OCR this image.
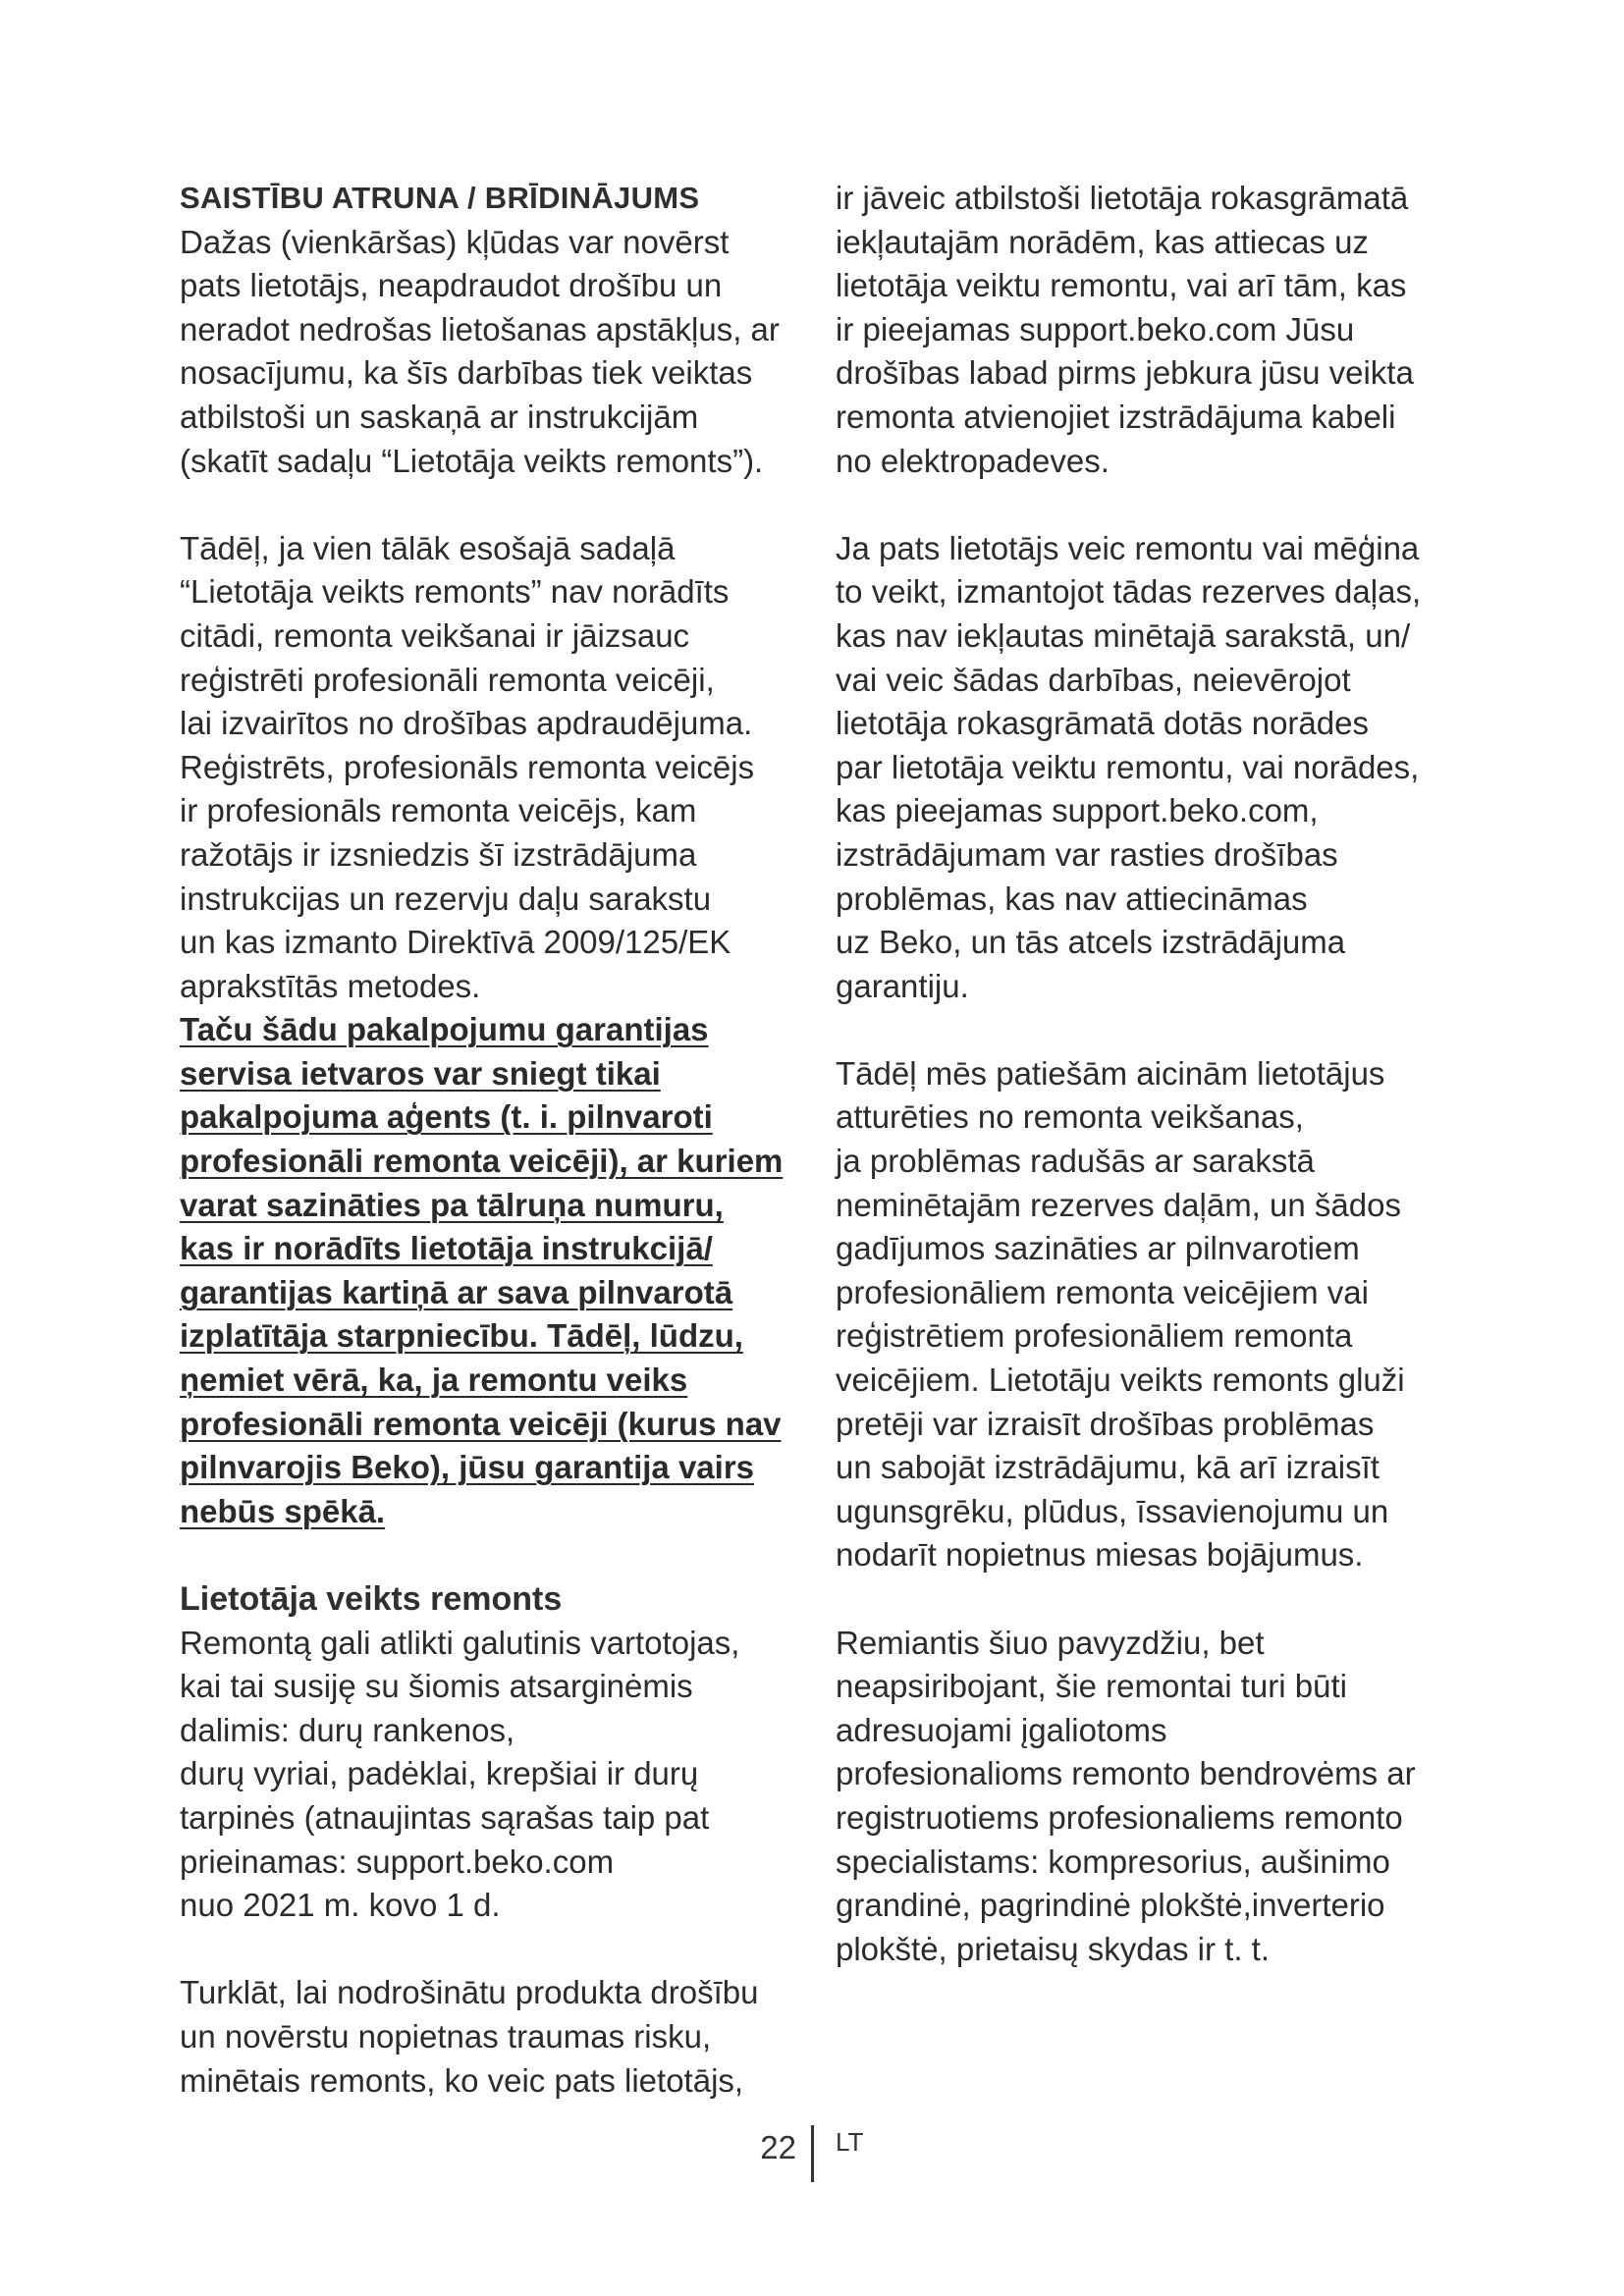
SAISTĪBU ATRUNA / BRĪDINĀJUMS
Dažas (vienkāršas) kļūdas var novērst
pats lietotājs, neapdraudot drošību un
neradot nedrošas lietošanas apstākļus, ar
nosacījumu, ka šīs darbības tiek veiktas
atbilstoši un saskaņā ar instrukcijām
(skatīt sadaļu “Lietotāja veikts remonts”).
Tādēļ, ja vien tālāk esošajā sadaļā
“Lietotāja veikts remonts” nav norādīts
citādi, remonta veikšanai ir jāizsauc
reģistrēti profesionāli remonta veicēji,
lai izvairītos no drošības apdraudējuma.
Reģistrēts, profesionāls remonta veicējs
ir profesionāls remonta veicējs, kam
ražotājs ir izsniedzis šī izstrādājuma
instrukcijas un rezervju daļu sarakstu
un kas izmanto Direktīvā 2009/125/EK
aprakstītās metodes.
Taču šādu pakalpojumu garantijas
servisa ietvaros var sniegt tikai
pakalpojuma aģents (t. i. pilnvaroti
profesionāli remonta veicēji), ar kuriem
varat sazināties pa tālruņa numuru,
kas ir norādīts lietotāja instrukcijā/
garantijas kartiņā ar sava pilnvarotā
izplatītāja starpniecību. Tādēļ, lūdzu,
ņemiet vērā, ka, ja remontu veiks
profesionāli remonta veicēji (kurus nav
pilnvarojis Beko), jūsu garantija vairs
nebūs spēkā.
Lietotāja veikts remonts
Remontą gali atlikti galutinis vartotojas,
kai tai susiję su šiomis atsarginėmis
dalimis: durų rankenos,
durų vyriai, padėklai, krepšiai ir durų
tarpinės (atnaujintas sąrašas taip pat
prieinamas: support.beko.com
nuo 2021 m. kovo 1 d.
Turklāt, lai nodrošinātu produkta drošību
un novērstu nopietnas traumas risku,
minētais remonts, ko veic pats lietotājs,
ir jāveic atbilstoši lietotāja rokasgrāmatā
iekļautajām norādēm, kas attiecas uz
lietotāja veiktu remontu, vai arī tām, kas
ir pieejamas support.beko.com Jūsu
drošības labad pirms jebkura jūsu veikta
remonta atvienojiet izstrādājuma kabeli
no elektropadeves.
Ja pats lietotājs veic remontu vai mēģina
to veikt, izmantojot tādas rezerves daļas,
kas nav iekļautas minētajā sarakstā, un/
vai veic šādas darbības, neievērojot
lietotāja rokasgrāmatā dotās norādes
par lietotāja veiktu remontu, vai norādes,
kas pieejamas support.beko.com,
izstrādājumam var rasties drošības
problēmas, kas nav attiecināmas
uz Beko, un tās atcels izstrādājuma
garantiju.
Tādēļ mēs patiešām aicinām lietotājus
atturēties no remonta veikšanas,
ja problēmas radušās ar sarakstā
neminētajām rezerves daļām, un šādos
gadījumos sazināties ar pilnvarotiem
profesionāliem remonta veicējiem vai
reģistrētiem profesionāliem remonta
veicējiem. Lietotāju veikts remonts gluži
pretēji var izraisīt drošības problēmas
un sabojāt izstrādājumu, kā arī izraisīt
ugunsgrēku, plūdus, īssavienojumu un
nodarīt nopietnus miesas bojājumus.
Remiantis šiuo pavyzdžiu, bet
neapsiribojant, šie remontai turi būti
adresuojami įgaliotoms
profesionalioms remonto bendrovėms ar
registruotiems profesionaliems remonto
specialistams: kompresorius, aušinimo
grandinė, pagrindinė plokštė,inverterio
plokštė, prietaisų skydas ir t. t.
22 LT
